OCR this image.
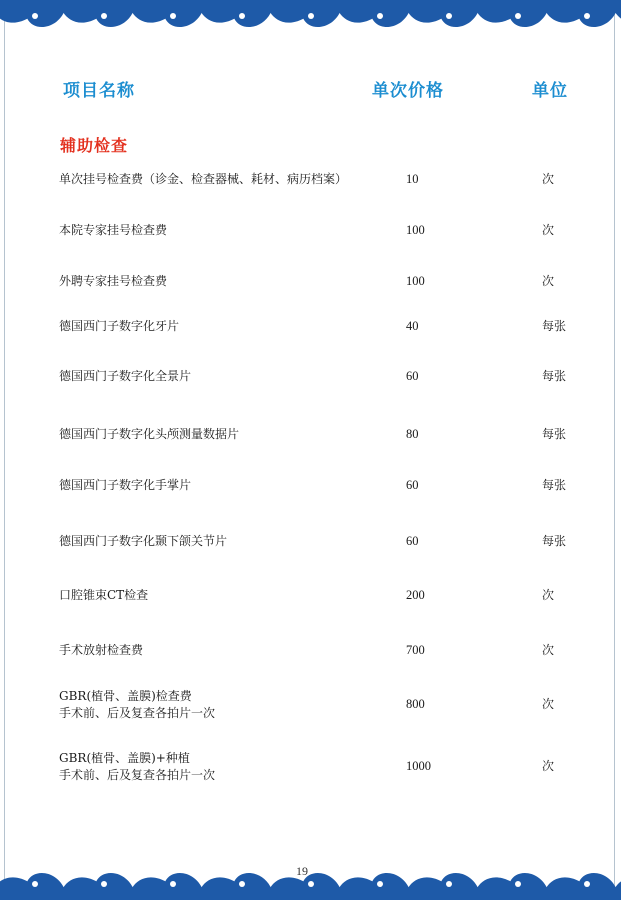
项目名称	单次价格	单位
辅助检查
单次挂号检查费（诊金、检查器械、耗材、病历档案）	10	次
本院专家挂号检查费	100	次
外聘专家挂号检查费	100	次
德国西门子数字化牙片	40	每张
德国西门子数字化全景片	60	每张
德国西门子数字化头颅测量数据片	80	每张
德国西门子数字化手掌片	60	每张
德国西门子数字化颞下颌关节片	60	每张
口腔锥束CT检查	200	次
手术放射检查费	700	次
GBR(植骨、盖膜)检查费
手术前、后及复查各拍片一次
800	次
GBR(植骨、盖膜)+种植
手术前、后及复查各拍片一次
1000	次
19
